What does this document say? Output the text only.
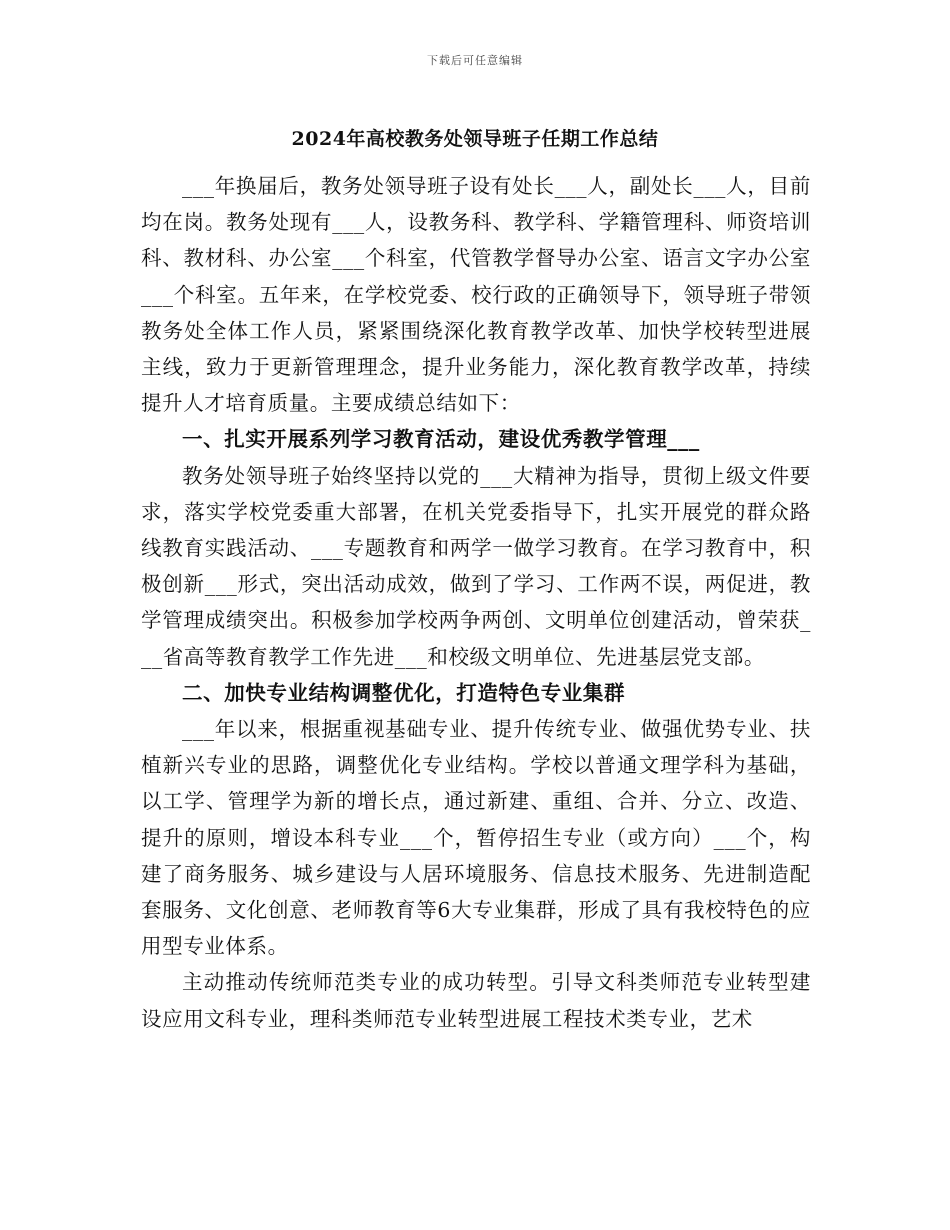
下载后可任意编辑
2024年高校教务处领导班子任期工作总结

___年换届后，教务处领导班子设有处长___人，副处长___人，目前均在岗。教务处现有___人，设教务科、教学科、学籍管理科、师资培训科、教材科、办公室___个科室，代管教学督导办公室、语言文字办公室___个科室。五年来，在学校党委、校行政的正确领导下，领导班子带领教务处全体工作人员，紧紧围绕深化教育教学改革、加快学校转型进展主线，致力于更新管理理念，提升业务能力，深化教育教学改革，持续提升人才培育质量。主要成绩总结如下：

一、扎实开展系列学习教育活动，建设优秀教学管理___

教务处领导班子始终坚持以党的___大精神为指导，贯彻上级文件要求，落实学校党委重大部署，在机关党委指导下，扎实开展党的群众路线教育实践活动、___专题教育和两学一做学习教育。在学习教育中，积极创新___形式，突出活动成效，做到了学习、工作两不误，两促进，教学管理成绩突出。积极参加学校两争两创、文明单位创建活动，曾荣获___省高等教育教学工作先进___和校级文明单位、先进基层党支部。

二、加快专业结构调整优化，打造特色专业集群

___年以来，根据重视基础专业、提升传统专业、做强优势专业、扶植新兴专业的思路，调整优化专业结构。学校以普通文理学科为基础，以工学、管理学为新的增长点，通过新建、重组、合并、分立、改造、提升的原则，增设本科专业___个，暂停招生专业（或方向）___个，构建了商务服务、城乡建设与人居环境服务、信息技术服务、先进制造配套服务、文化创意、老师教育等6大专业集群，形成了具有我校特色的应用型专业体系。

主动推动传统师范类专业的成功转型。引导文科类师范专业转型建设应用文科专业，理科类师范专业转型进展工程技术类专业，艺术
